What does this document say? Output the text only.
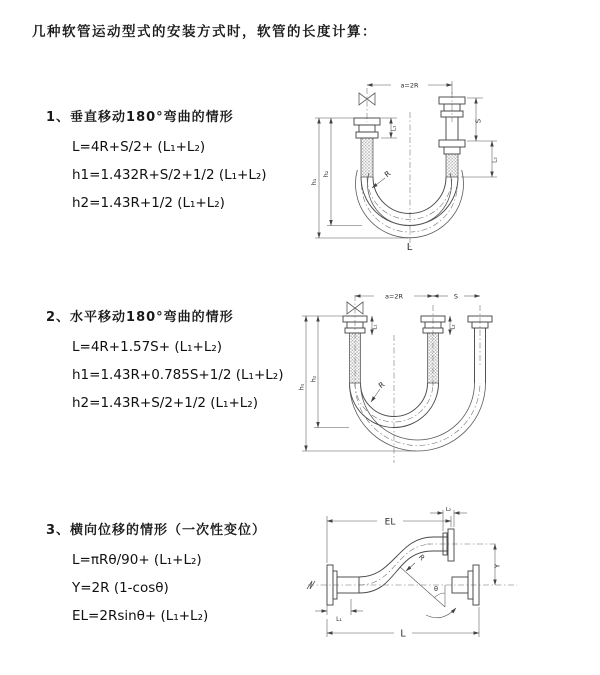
几种软管运动型式的安装方式时，软管的长度计算：
1、垂直移动180°弯曲的情形
L=4R+S/2+ (L₁+L₂)
h1=1.432R+S/2+1/2 (L₁+L₂)
h2=1.43R+1/2 (L₁+L₂)
a=2R
S
L₂
L₁
h₁
h₂	R
L
2、水平移动180°弯曲的情形
L=4R+1.57S+ (L₁+L₂)
h1=1.43R+0.785S+1/2 (L₁+L₂)
h2=1.43R+S/2+1/2 (L₁+L₂)
a=2R	S
h₁
h₂
L₁	L₂
R
3、横向位移的情形（一次性变位）
L=πRθ/90+ (L₁+L₂)
Y=2R (1-cosθ)
EL=2Rsinθ+ (L₁+L₂)
EL
L₂
Y
L₁
L
R
θ
